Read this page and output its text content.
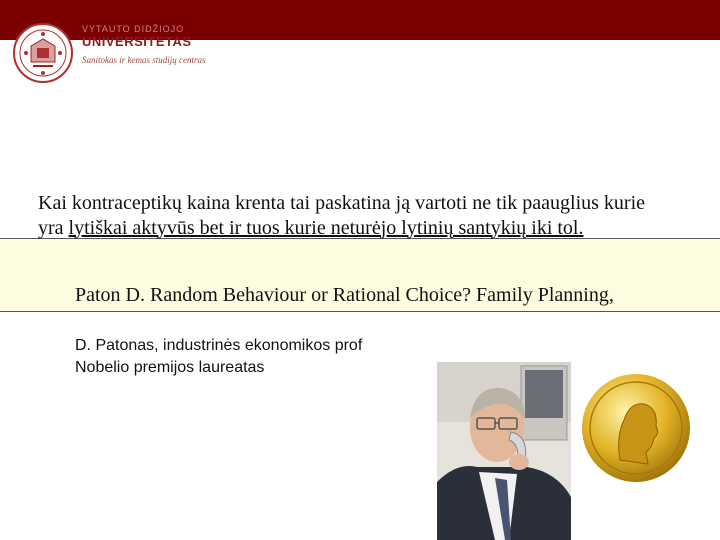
VYTAUTO DIDŽIOJO
UNIVERSITETAS
Sanitokas ir kemas studijų centras
Kai kontraceptikų kaina krenta tai paskatina ją vartoti ne tik paauglius kurie yra lytiškai aktyvūs bet ir tuos kurie neturėjo lytinių santykių iki tol.
Paton D. Random Behaviour or Rational Choice? Family Planning,
D. Patonas, industrinės ekonomikos prof
Nobelio premijos laureatas
